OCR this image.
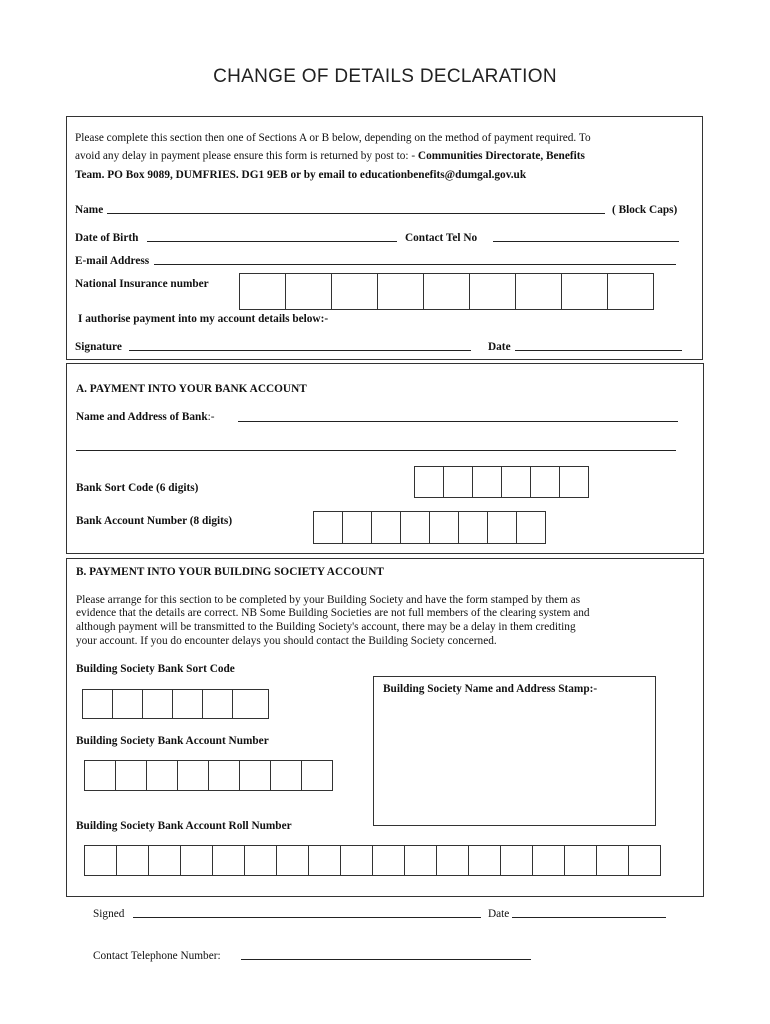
CHANGE OF DETAILS DECLARATION
Please complete this section then one of Sections A or B below, depending on the method of payment required. To
avoid any delay in payment please ensure this form is returned by post to: - Communities Directorate, Benefits
Team. PO Box 9089, DUMFRIES. DG1 9EB or by email to educationbenefits@dumgal.gov.uk
Name	( Block Caps)
Date of Birth	Contact Tel No
E-mail Address
National Insurance number
I authorise payment into my account details below:-
Signature	Date
A. PAYMENT INTO YOUR BANK ACCOUNT
Name and Address of Bank:-
Bank Sort Code (6 digits)
Bank Account Number (8 digits)
B. PAYMENT INTO YOUR BUILDING SOCIETY ACCOUNT
Please arrange for this section to be completed by your Building Society and have the form stamped by them as
evidence that the details are correct. NB Some Building Societies are not full members of the clearing system and
although payment will be transmitted to the Building Society's account, there may be a delay in them crediting
your account. If you do encounter delays you should contact the Building Society concerned.
Building Society Bank Sort Code
Building Society Name and Address Stamp:-
Building Society Bank Account Number
Building Society Bank Account Roll Number
Signed	Date
Contact Telephone Number:
